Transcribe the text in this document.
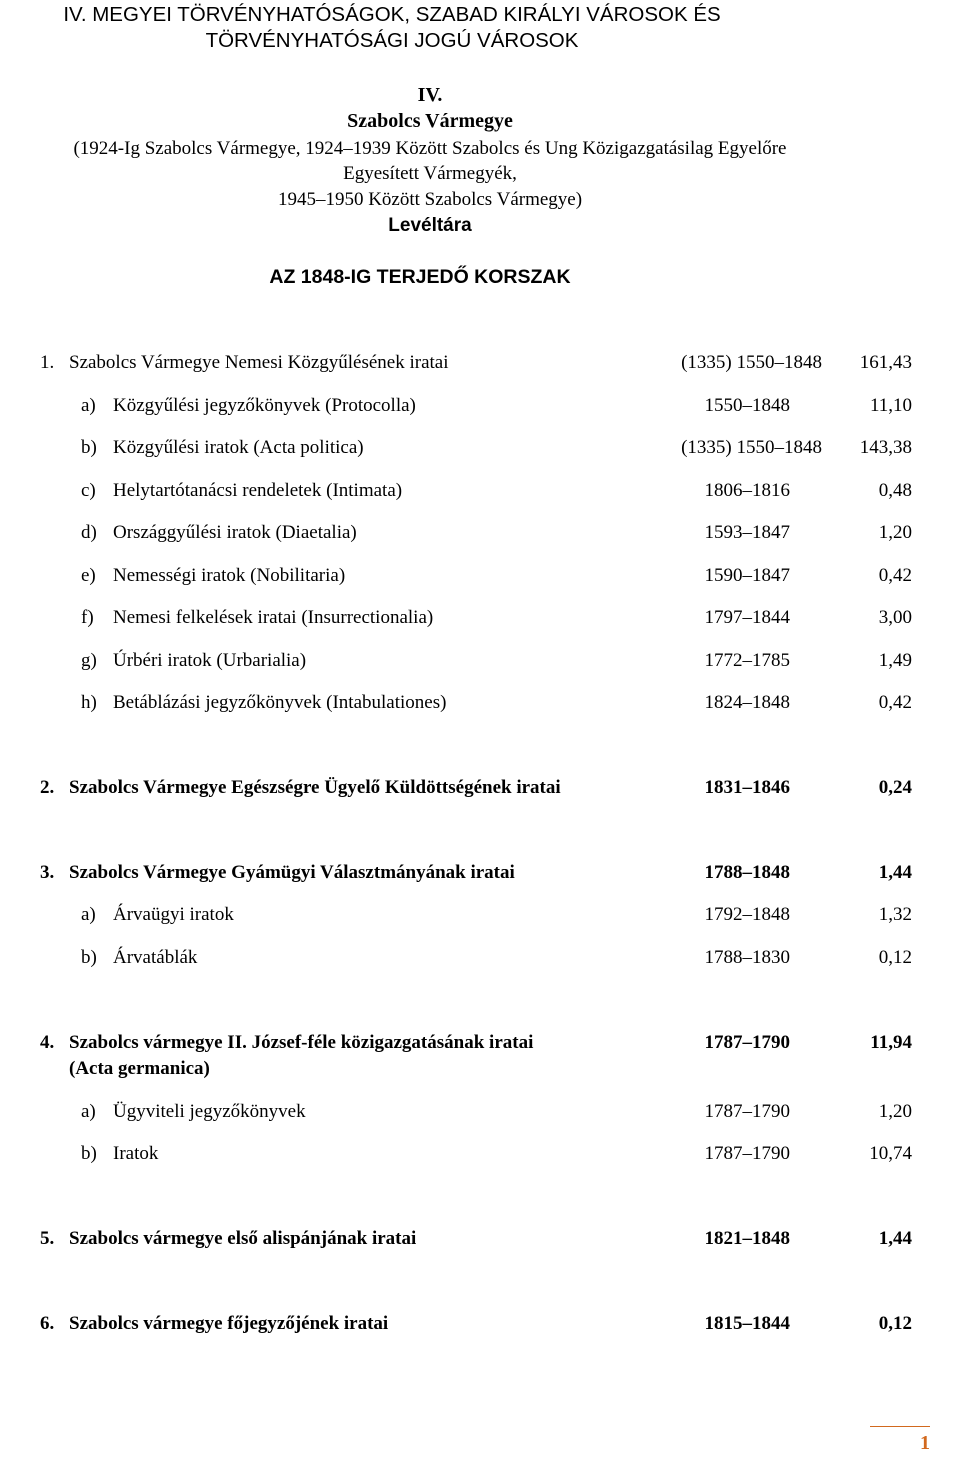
IV. MEGYEI TÖRVÉNYHATÓSÁGOK, SZABAD KIRÁLYI VÁROSOK ÉS
TÖRVÉNYHATÓSÁGI JOGÚ VÁROSOK
IV.
Szabolcs Vármegye
(1924-Ig Szabolcs Vármegye, 1924–1939 Között Szabolcs és Ung Közigazgatásilag Egyelőre
Egyesített Vármegyék,
1945–1950 Között Szabolcs Vármegye)
Levéltára
AZ 1848-IG TERJEDŐ KORSZAK
1. Szabolcs Vármegye Nemesi Közgyűlésének iratai	(1335) 1550–1848	161,43
a) Közgyűlési jegyzőkönyvek (Protocolla)	1550–1848	11,10
b) Közgyűlési iratok (Acta politica)	(1335) 1550–1848	143,38
c) Helytartótanácsi rendeletek (Intimata)	1806–1816	0,48
d) Országgyűlési iratok (Diaetalia)	1593–1847	1,20
e) Nemességi iratok (Nobilitaria)	1590–1847	0,42
f) Nemesi felkelések iratai (Insurrectionalia)	1797–1844	3,00
g) Úrbéri iratok (Urbarialia)	1772–1785	1,49
h) Betáblázási jegyzőkönyvek (Intabulationes)	1824–1848	0,42
2. Szabolcs Vármegye Egészségre Ügyelő Küldöttségének iratai	1831–1846	0,24
3. Szabolcs Vármegye Gyámügyi Választmányának iratai	1788–1848	1,44
a) Árvaügyi iratok	1792–1848	1,32
b) Árvatáblák	1788–1830	0,12
4. Szabolcs vármegye II. József-féle közigazgatásának iratai
(Acta germanica)
1787–1790	11,94
a) Ügyviteli jegyzőkönyvek	1787–1790	1,20
b) Iratok	1787–1790	10,74
5. Szabolcs vármegye első alispánjának iratai	1821–1848	1,44
6. Szabolcs vármegye főjegyzőjének iratai	1815–1844	0,12
1
